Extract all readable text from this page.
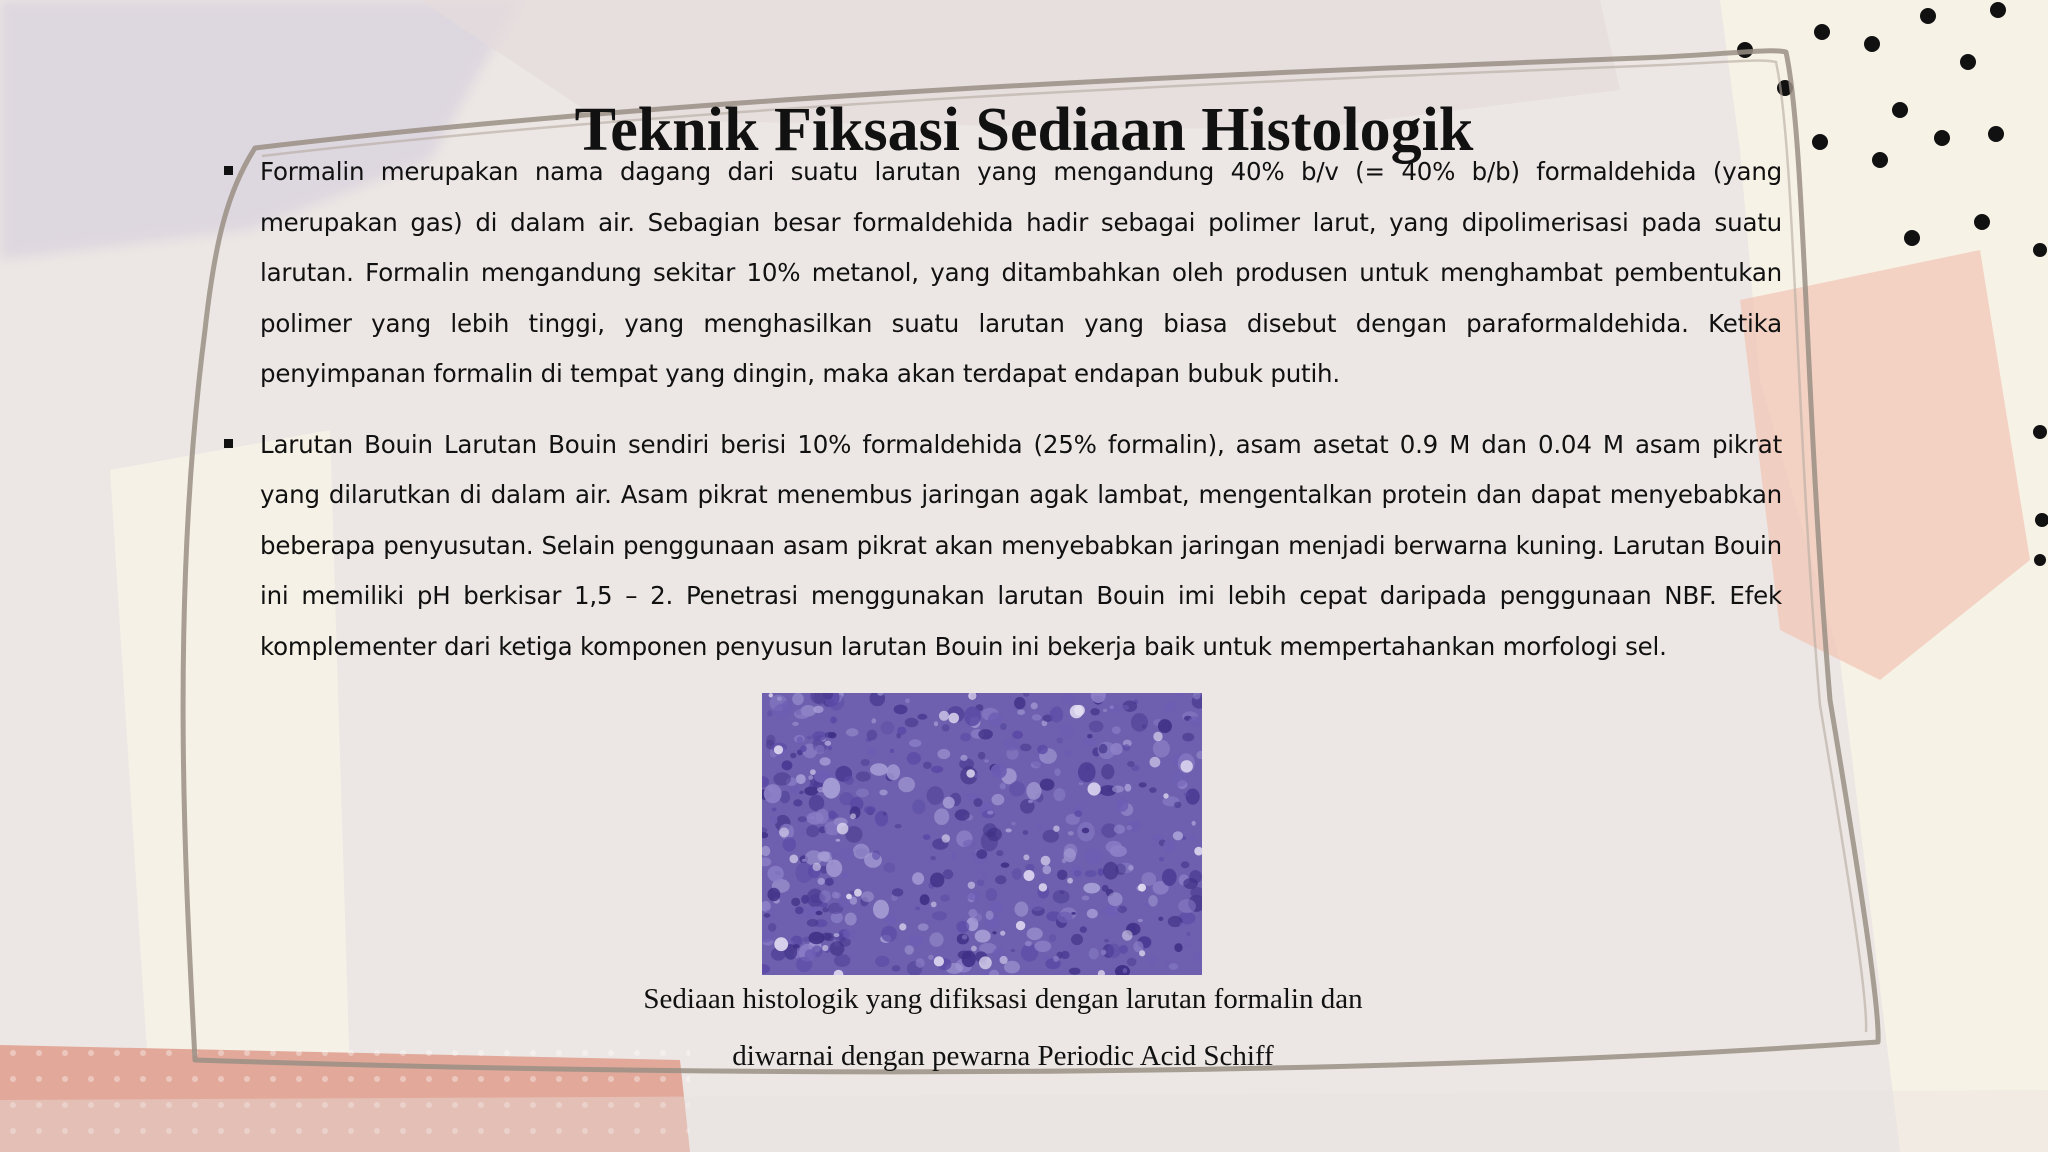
Teknik Fiksasi Sediaan Histologik
Formalin merupakan nama dagang dari suatu larutan yang mengandung 40% b/v (= 40% b/b) formaldehida (yang merupakan gas) di dalam air. Sebagian besar formaldehida hadir sebagai polimer larut, yang dipolimerisasi pada suatu larutan. Formalin mengandung sekitar 10% metanol, yang ditambahkan oleh produsen untuk menghambat pembentukan polimer yang lebih tinggi, yang menghasilkan suatu larutan yang biasa disebut dengan paraformaldehida. Ketika penyimpanan formalin di tempat yang dingin, maka akan terdapat endapan bubuk putih.
Larutan Bouin Larutan Bouin sendiri berisi 10% formaldehida (25% formalin), asam asetat 0.9 M dan 0.04 M asam pikrat yang dilarutkan di dalam air. Asam pikrat menembus jaringan agak lambat, mengentalkan protein dan dapat menyebabkan beberapa penyusutan. Selain penggunaan asam pikrat akan menyebabkan jaringan menjadi berwarna kuning. Larutan Bouin ini memiliki pH berkisar 1,5 – 2. Penetrasi menggunakan larutan Bouin imi lebih cepat daripada penggunaan NBF. Efek komplementer dari ketiga komponen penyusun larutan Bouin ini bekerja baik untuk mempertahankan morfologi sel.
Sediaan histologik yang difiksasi dengan larutan formalin dan
diwarnai dengan pewarna Periodic Acid Schiff
